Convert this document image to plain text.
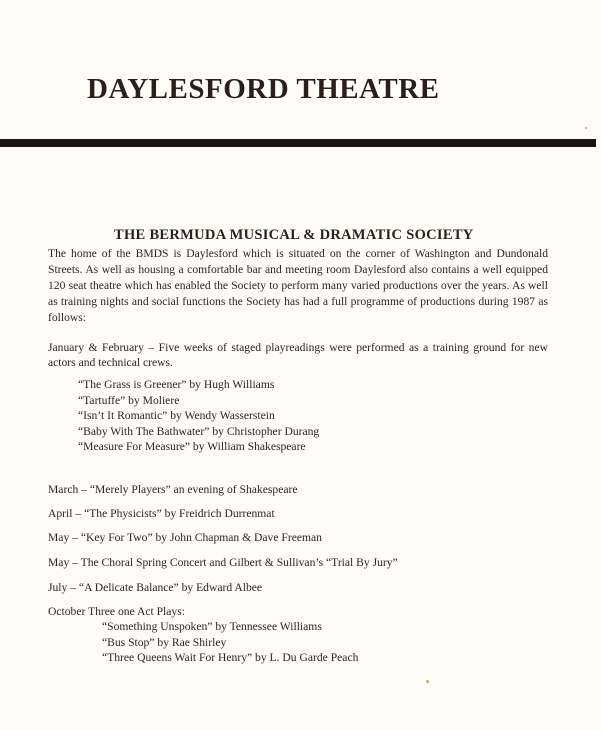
DAYLESFORD THEATRE
THE BERMUDA MUSICAL & DRAMATIC SOCIETY
The home of the BMDS is Daylesford which is situated on the corner of Washington and Dundonald Streets. As well as housing a comfortable bar and meeting room Daylesford also contains a well equipped 120 seat theatre which has enabled the Society to perform many varied productions over the years. As well as training nights and social functions the Society has had a full programme of productions during 1987 as follows:
January & February – Five weeks of staged playreadings were performed as a training ground for new actors and technical crews.
“The Grass is Greener” by Hugh Williams
“Tartuffe” by Moliere
“Isn’t It Romantic” by Wendy Wasserstein
“Baby With The Bathwater” by Christopher Durang
“Measure For Measure” by William Shakespeare
March – “Merely Players” an evening of Shakespeare
April – “The Physicists” by Freidrich Durrenmat
May – “Key For Two” by John Chapman & Dave Freeman
May – The Choral Spring Concert and Gilbert & Sullivan’s “Trial By Jury”
July – “A Delicate Balance” by Edward Albee
October Three one Act Plays:
“Something Unspoken” by Tennessee Williams
“Bus Stop” by Rae Shirley
“Three Queens Wait For Henry” by L. Du Garde Peach
